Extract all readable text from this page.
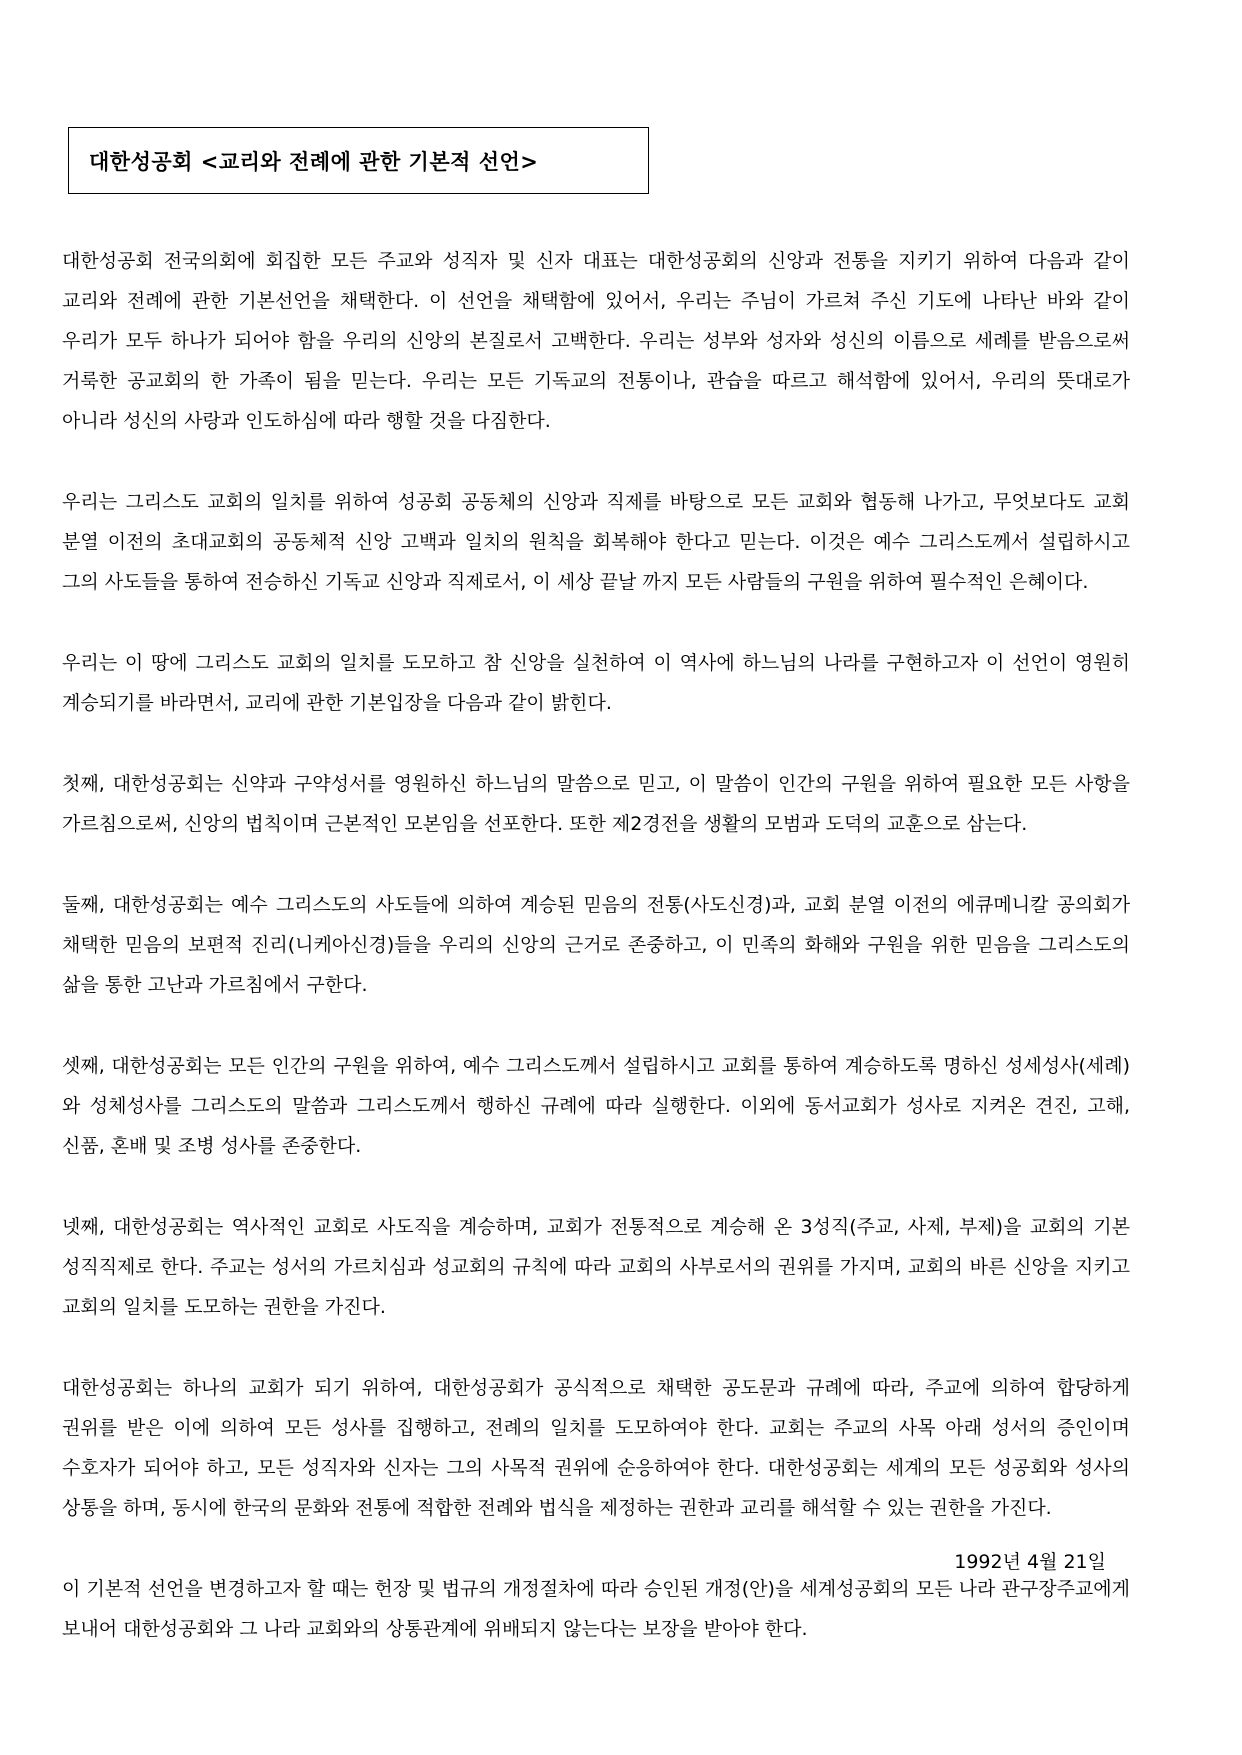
대한성공회 <교리와 전례에 관한 기본적 선언>

대한성공회 전국의회에 회집한 모든 주교와 성직자 및 신자 대표는 대한성공회의 신앙과 전통을 지키기 위하여 다음과 같이 교리와 전례에 관한 기본선언을 채택한다. 이 선언을 채택함에 있어서, 우리는 주님이 가르쳐 주신 기도에 나타난 바와 같이 우리가 모두 하나가 되어야 함을 우리의 신앙의 본질로서 고백한다. 우리는 성부와 성자와 성신의 이름으로 세례를 받음으로써 거룩한 공교회의 한 가족이 됨을 믿는다. 우리는 모든 기독교의 전통이나, 관습을 따르고 해석함에 있어서, 우리의 뜻대로가 아니라 성신의 사랑과 인도하심에 따라 행할 것을 다짐한다.

우리는 그리스도 교회의 일치를 위하여 성공회 공동체의 신앙과 직제를 바탕으로 모든 교회와 협동해 나가고, 무엇보다도 교회 분열 이전의 초대교회의 공동체적 신앙 고백과 일치의 원칙을 회복해야 한다고 믿는다. 이것은 예수 그리스도께서 설립하시고 그의 사도들을 통하여 전승하신 기독교 신앙과 직제로서, 이 세상 끝날 까지 모든 사람들의 구원을 위하여 필수적인 은혜이다.

우리는 이 땅에 그리스도 교회의 일치를 도모하고 참 신앙을 실천하여 이 역사에 하느님의 나라를 구현하고자 이 선언이 영원히 계승되기를 바라면서, 교리에 관한 기본입장을 다음과 같이 밝힌다.

첫째, 대한성공회는 신약과 구약성서를 영원하신 하느님의 말씀으로 믿고, 이 말씀이 인간의 구원을 위하여 필요한 모든 사항을 가르침으로써, 신앙의 법칙이며 근본적인 모본임을 선포한다. 또한 제2경전을 생활의 모범과 도덕의 교훈으로 삼는다.

둘째, 대한성공회는 예수 그리스도의 사도들에 의하여 계승된 믿음의 전통(사도신경)과, 교회 분열 이전의 에큐메니칼 공의회가 채택한 믿음의 보편적 진리(니케아신경)들을 우리의 신앙의 근거로 존중하고, 이 민족의 화해와 구원을 위한 믿음을 그리스도의 삶을 통한 고난과 가르침에서 구한다.

셋째, 대한성공회는 모든 인간의 구원을 위하여, 예수 그리스도께서 설립하시고 교회를 통하여 계승하도록 명하신 성세성사(세례)와 성체성사를 그리스도의 말씀과 그리스도께서 행하신 규례에 따라 실행한다. 이외에 동서교회가 성사로 지켜온 견진, 고해, 신품, 혼배 및 조병 성사를 존중한다.

넷째, 대한성공회는 역사적인 교회로 사도직을 계승하며, 교회가 전통적으로 계승해 온 3성직(주교, 사제, 부제)을 교회의 기본 성직직제로 한다. 주교는 성서의 가르치심과 성교회의 규칙에 따라 교회의 사부로서의 권위를 가지며, 교회의 바른 신앙을 지키고 교회의 일치를 도모하는 권한을 가진다.

대한성공회는 하나의 교회가 되기 위하여, 대한성공회가 공식적으로 채택한 공도문과 규례에 따라, 주교에 의하여 합당하게 권위를 받은 이에 의하여 모든 성사를 집행하고, 전례의 일치를 도모하여야 한다. 교회는 주교의 사목 아래 성서의 증인이며 수호자가 되어야 하고, 모든 성직자와 신자는 그의 사목적 권위에 순응하여야 한다. 대한성공회는 세계의 모든 성공회와 성사의 상통을 하며, 동시에 한국의 문화와 전통에 적합한 전례와 법식을 제정하는 권한과 교리를 해석할 수 있는 권한을 가진다.

이 기본적 선언을 변경하고자 할 때는 헌장 및 법규의 개정절차에 따라 승인된 개정(안)을 세계성공회의 모든 나라 관구장주교에게 보내어 대한성공회와 그 나라 교회와의 상통관계에 위배되지 않는다는 보장을 받아야 한다.

1992년 4월 21일
